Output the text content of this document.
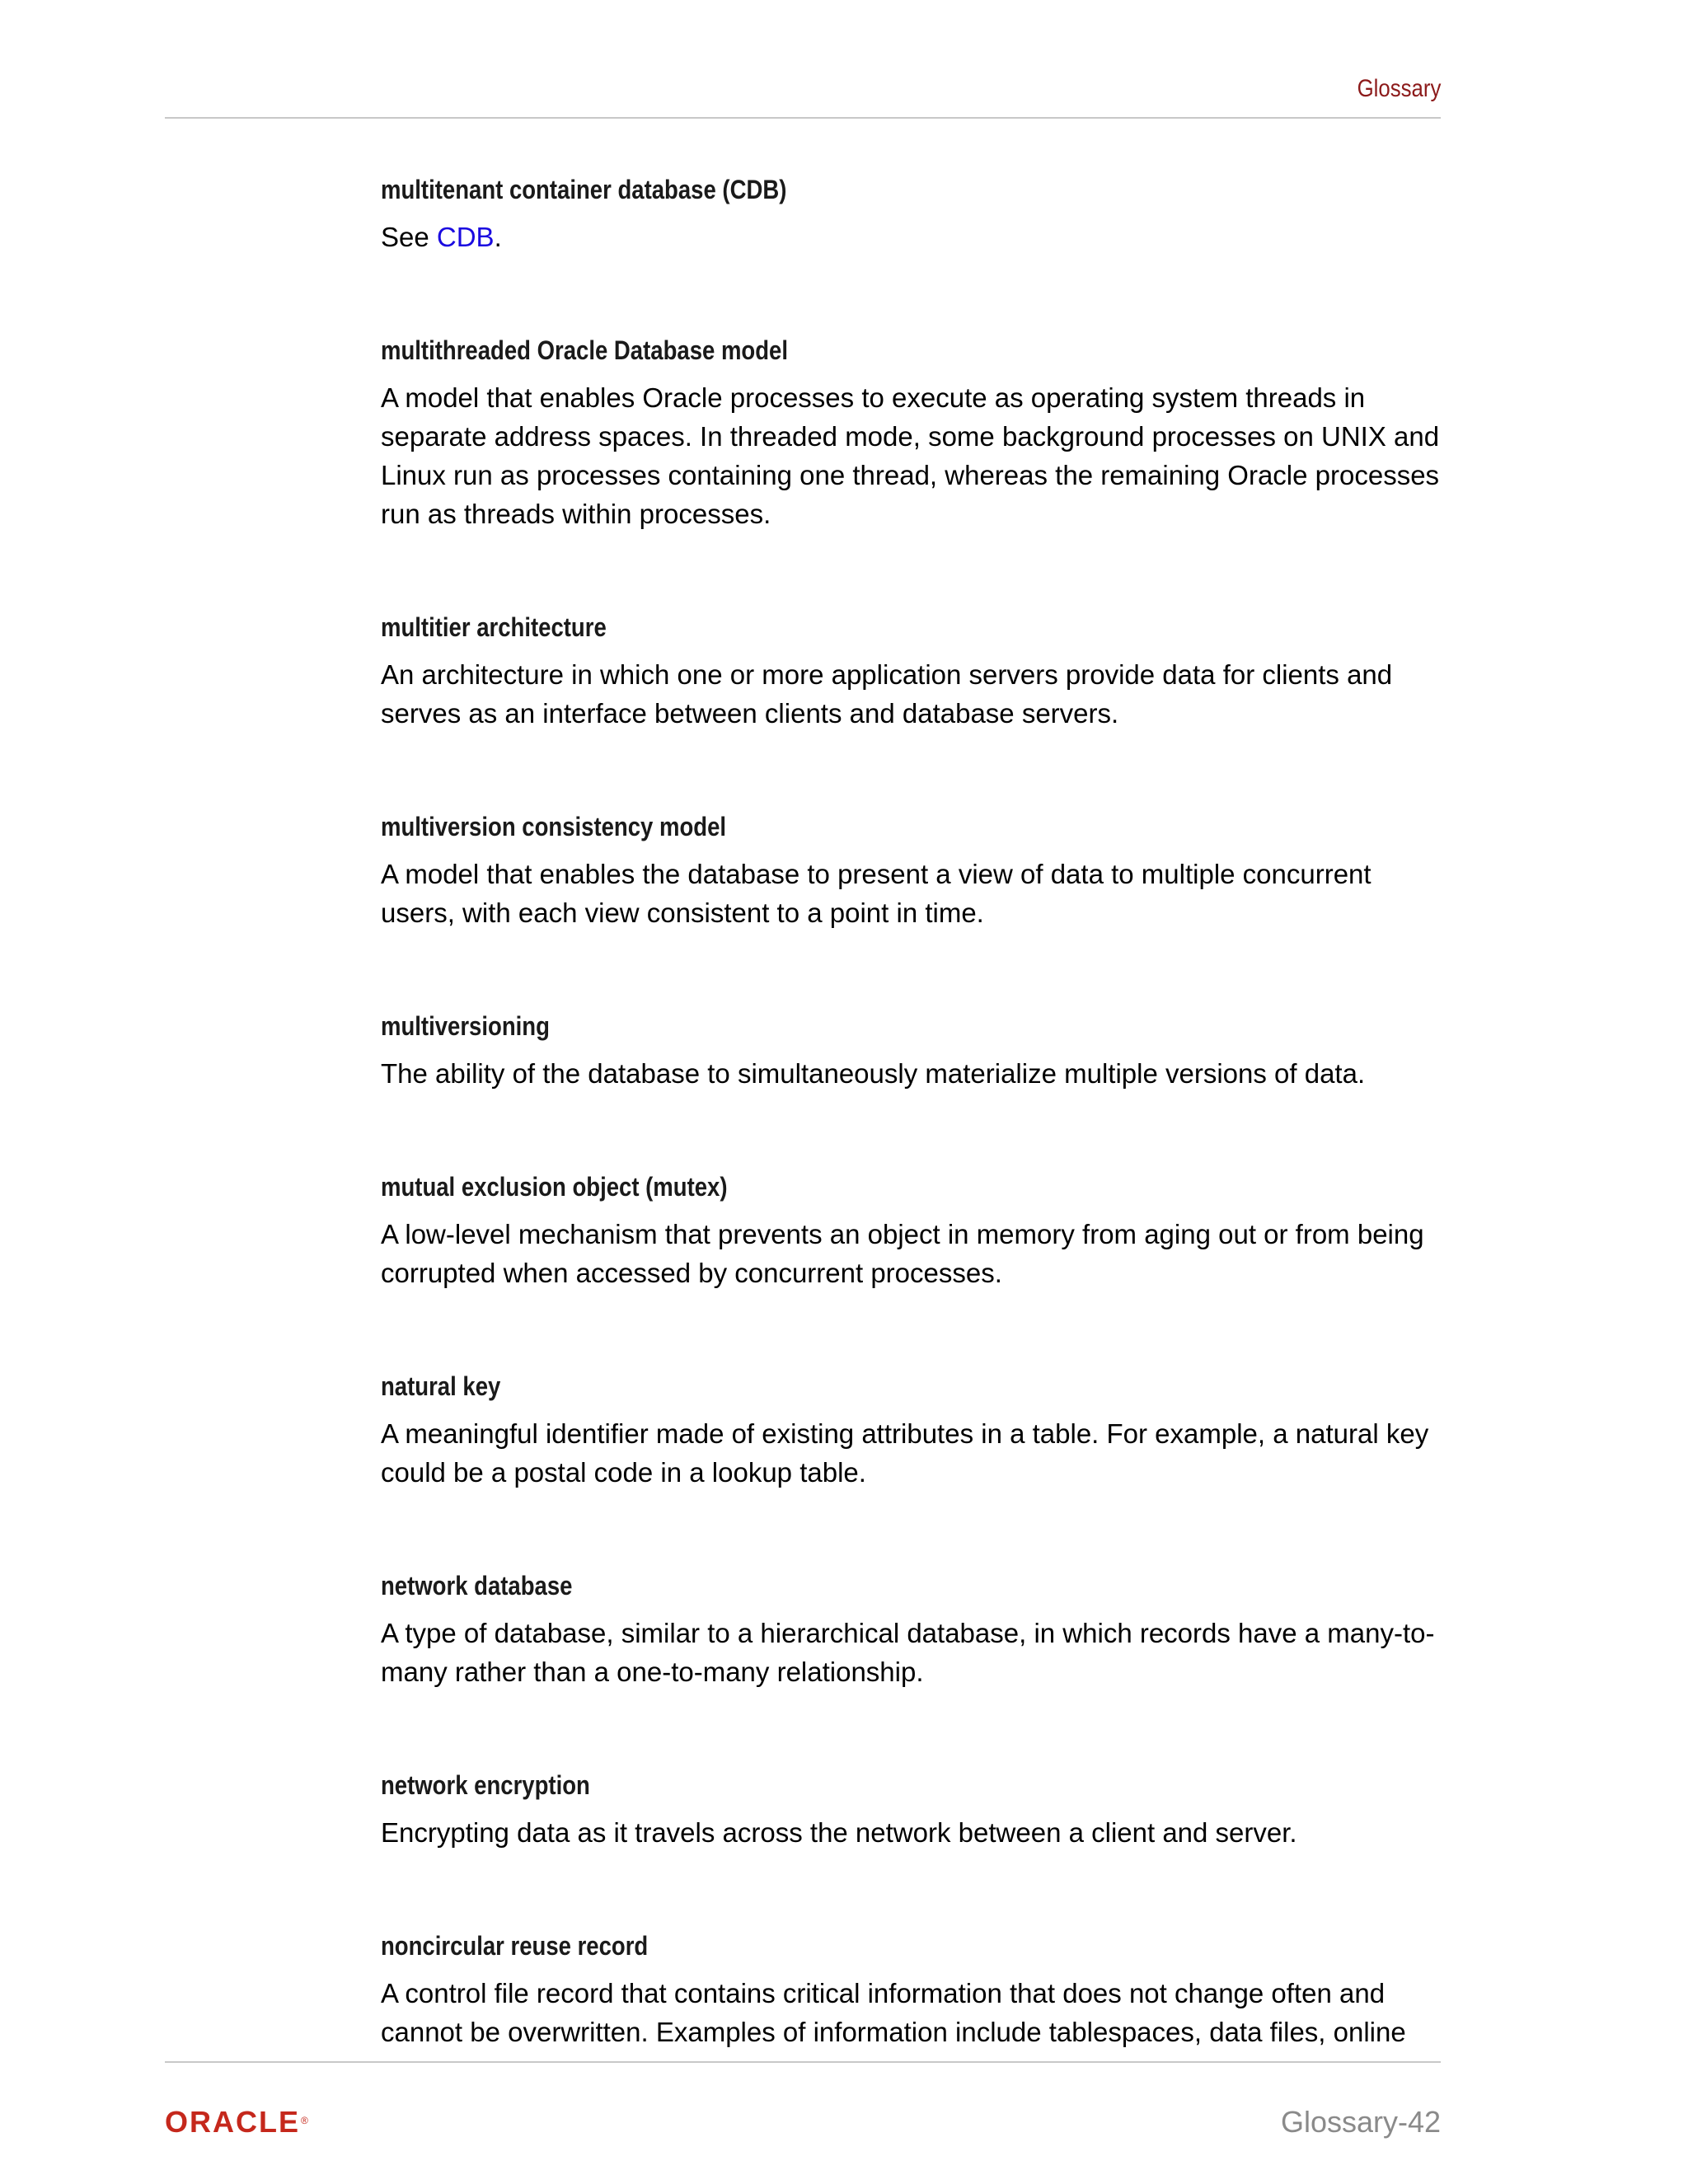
Glossary
multitenant container database (CDB)

See CDB.

multithreaded Oracle Database model

A model that enables Oracle processes to execute as operating system threads in separate address spaces. In threaded mode, some background processes on UNIX and Linux run as processes containing one thread, whereas the remaining Oracle processes run as threads within processes.

multitier architecture

An architecture in which one or more application servers provide data for clients and serves as an interface between clients and database servers.

multiversion consistency model

A model that enables the database to present a view of data to multiple concurrent users, with each view consistent to a point in time.

multiversioning

The ability of the database to simultaneously materialize multiple versions of data.

mutual exclusion object (mutex)

A low-level mechanism that prevents an object in memory from aging out or from being corrupted when accessed by concurrent processes.

natural key

A meaningful identifier made of existing attributes in a table. For example, a natural key could be a postal code in a lookup table.

network database

A type of database, similar to a hierarchical database, in which records have a many-to-many rather than a one-to-many relationship.

network encryption

Encrypting data as it travels across the network between a client and server.

noncircular reuse record

A control file record that contains critical information that does not change often and cannot be overwritten. Examples of information include tablespaces, data files, online

ORACLE®	Glossary-42
